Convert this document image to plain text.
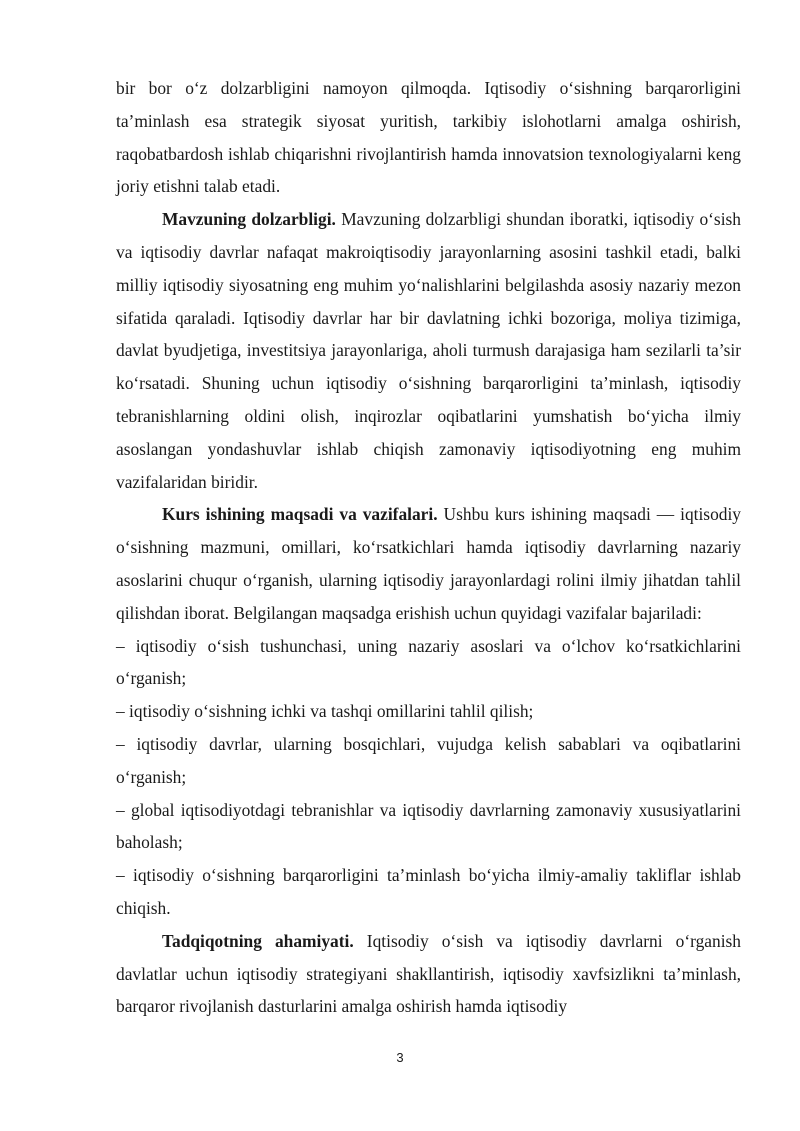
bir bor o‘z dolzarbligini namoyon qilmoqda. Iqtisodiy o‘sishning barqarorligini ta’minlash esa strategik siyosat yuritish, tarkibiy islohotlarni amalga oshirish, raqobatbardosh ishlab chiqarishni rivojlantirish hamda innovatsion texnologiyalarni keng joriy etishni talab etadi.

Mavzuning dolzarbligi. Mavzuning dolzarbligi shundan iboratki, iqtisodiy o‘sish va iqtisodiy davrlar nafaqat makroiqtisodiy jarayonlarning asosini tashkil etadi, balki milliy iqtisodiy siyosatning eng muhim yo‘nalishlarini belgilashda asosiy nazariy mezon sifatida qaraladi. Iqtisodiy davrlar har bir davlatning ichki bozoriga, moliya tizimiga, davlat byudjetiga, investitsiya jarayonlariga, aholi turmush darajasiga ham sezilarli ta’sir ko‘rsatadi. Shuning uchun iqtisodiy o‘sishning barqarorligini ta’minlash, iqtisodiy tebranishlarning oldini olish, inqirozlar oqibatlarini yumshatish bo‘yicha ilmiy asoslangan yondashuvlar ishlab chiqish zamonaviy iqtisodiyotning eng muhim vazifalaridan biridir.

Kurs ishining maqsadi va vazifalari. Ushbu kurs ishining maqsadi — iqtisodiy o‘sishning mazmuni, omillari, ko‘rsatkichlari hamda iqtisodiy davrlarning nazariy asoslarini chuqur o‘rganish, ularning iqtisodiy jarayonlardagi rolini ilmiy jihatdan tahlil qilishdan iborat. Belgilangan maqsadga erishish uchun quyidagi vazifalar bajariladi:

– iqtisodiy o‘sish tushunchasi, uning nazariy asoslari va o‘lchov ko‘rsatkichlarini o‘rganish;

– iqtisodiy o‘sishning ichki va tashqi omillarini tahlil qilish;

– iqtisodiy davrlar, ularning bosqichlari, vujudga kelish sabablari va oqibatlarini o‘rganish;

– global iqtisodiyotdagi tebranishlar va iqtisodiy davrlarning zamonaviy xususiyatlarini baholash;

– iqtisodiy o‘sishning barqarorligini ta’minlash bo‘yicha ilmiy-amaliy takliflar ishlab chiqish.

Tadqiqotning ahamiyati. Iqtisodiy o‘sish va iqtisodiy davrlarni o‘rganish davlatlar uchun iqtisodiy strategiyani shakllantirish, iqtisodiy xavfsizlikni ta’minlash, barqaror rivojlanish dasturlarini amalga oshirish hamda iqtisodiy

3
